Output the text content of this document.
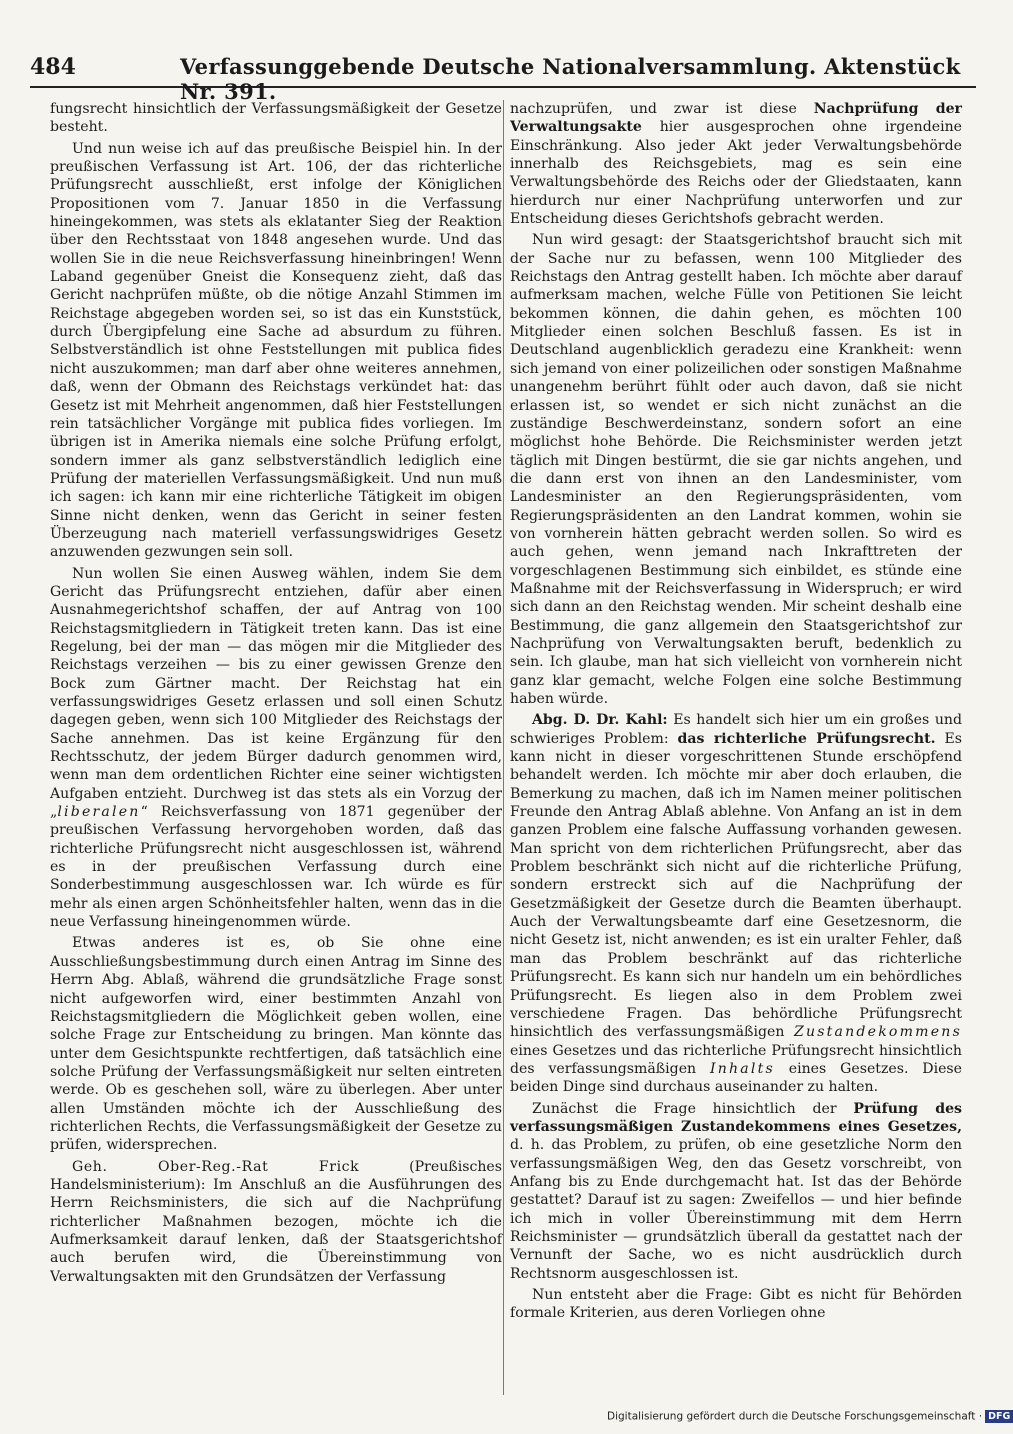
484	Verfassunggebende Deutsche Nationalversammlung. Aktenstück Nr. 391.

fungsrecht hinsichtlich der Verfassungsmäßigkeit der Gesetze besteht.

Und nun weise ich auf das preußische Beispiel hin. In der preußischen Verfassung ist Art. 106, der das richterliche Prüfungsrecht ausschließt, erst infolge der Königlichen Propositionen vom 7. Januar 1850 in die Verfassung hineingekommen, was stets als eklatanter Sieg der Reaktion über den Rechtsstaat von 1848 angesehen wurde. Und das wollen Sie in die neue Reichsverfassung hineinbringen! Wenn Laband gegenüber Gneist die Konsequenz zieht, daß das Gericht nachprüfen müßte, ob die nötige Anzahl Stimmen im Reichstage abgegeben worden sei, so ist das ein Kunststück, durch Übergipfelung eine Sache ad absurdum zu führen. Selbstverständlich ist ohne Feststellungen mit publica fides nicht auszukommen; man darf aber ohne weiteres annehmen, daß, wenn der Obmann des Reichstags verkündet hat: das Gesetz ist mit Mehrheit angenommen, daß hier Feststellungen rein tatsächlicher Vorgänge mit publica fides vorliegen. Im übrigen ist in Amerika niemals eine solche Prüfung erfolgt, sondern immer als ganz selbstverständlich lediglich eine Prüfung der materiellen Verfassungsmäßigkeit. Und nun muß ich sagen: ich kann mir eine richterliche Tätigkeit im obigen Sinne nicht denken, wenn das Gericht in seiner festen Überzeugung nach materiell verfassungswidriges Gesetz anzuwenden gezwungen sein soll.

Nun wollen Sie einen Ausweg wählen, indem Sie dem Gericht das Prüfungsrecht entziehen, dafür aber einen Ausnahmegerichtshof schaffen, der auf Antrag von 100 Reichstagsmitgliedern in Tätigkeit treten kann. Das ist eine Regelung, bei der man — das mögen mir die Mitglieder des Reichstags verzeihen — bis zu einer gewissen Grenze den Bock zum Gärtner macht. Der Reichstag hat ein verfassungswidriges Gesetz erlassen und soll einen Schutz dagegen geben, wenn sich 100 Mitglieder des Reichstags der Sache annehmen. Das ist keine Ergänzung für den Rechtsschutz, der jedem Bürger dadurch genommen wird, wenn man dem ordentlichen Richter eine seiner wichtigsten Aufgaben entzieht. Durchweg ist das stets als ein Vorzug der „liberalen“ Reichsverfassung von 1871 gegenüber der preußischen Verfassung hervorgehoben worden, daß das richterliche Prüfungsrecht nicht ausgeschlossen ist, während es in der preußischen Verfassung durch eine Sonderbestimmung ausgeschlossen war. Ich würde es für mehr als einen argen Schönheitsfehler halten, wenn das in die neue Verfassung hineingenommen würde.

Etwas anderes ist es, ob Sie ohne eine Ausschließungsbestimmung durch einen Antrag im Sinne des Herrn Abg. Ablaß, während die grundsätzliche Frage sonst nicht aufgeworfen wird, einer bestimmten Anzahl von Reichstagsmitgliedern die Möglichkeit geben wollen, eine solche Frage zur Entscheidung zu bringen. Man könnte das unter dem Gesichtspunkte rechtfertigen, daß tatsächlich eine solche Prüfung der Verfassungsmäßigkeit nur selten eintreten werde. Ob es geschehen soll, wäre zu überlegen. Aber unter allen Umständen möchte ich der Ausschließung des richterlichen Rechts, die Verfassungsmäßigkeit der Gesetze zu prüfen, widersprechen.

Geh. Ober-Reg.-Rat Frick (Preußisches Handelsministerium): Im Anschluß an die Ausführungen des Herrn Reichsministers, die sich auf die Nachprüfung richterlicher Maßnahmen bezogen, möchte ich die Aufmerksamkeit darauf lenken, daß der Staatsgerichtshof auch berufen wird, die Übereinstimmung von Verwaltungsakten mit den Grundsätzen der Verfassung

nachzuprüfen, und zwar ist diese Nachprüfung der Verwaltungsakte hier ausgesprochen ohne irgendeine Einschränkung. Also jeder Akt jeder Verwaltungsbehörde innerhalb des Reichsgebiets, mag es sein eine Verwaltungsbehörde des Reichs oder der Gliedstaaten, kann hierdurch nur einer Nachprüfung unterworfen und zur Entscheidung dieses Gerichtshofs gebracht werden.

Nun wird gesagt: der Staatsgerichtshof braucht sich mit der Sache nur zu befassen, wenn 100 Mitglieder des Reichstags den Antrag gestellt haben. Ich möchte aber darauf aufmerksam machen, welche Fülle von Petitionen Sie leicht bekommen können, die dahin gehen, es möchten 100 Mitglieder einen solchen Beschluß fassen. Es ist in Deutschland augenblicklich geradezu eine Krankheit: wenn sich jemand von einer polizeilichen oder sonstigen Maßnahme unangenehm berührt fühlt oder auch davon, daß sie nicht erlassen ist, so wendet er sich nicht zunächst an die zuständige Beschwerdeinstanz, sondern sofort an eine möglichst hohe Behörde. Die Reichsminister werden jetzt täglich mit Dingen bestürmt, die sie gar nichts angehen, und die dann erst von ihnen an den Landesminister, vom Landesminister an den Regierungspräsidenten, vom Regierungspräsidenten an den Landrat kommen, wohin sie von vornherein hätten gebracht werden sollen. So wird es auch gehen, wenn jemand nach Inkrafttreten der vorgeschlagenen Bestimmung sich einbildet, es stünde eine Maßnahme mit der Reichsverfassung in Widerspruch; er wird sich dann an den Reichstag wenden. Mir scheint deshalb eine Bestimmung, die ganz allgemein den Staatsgerichtshof zur Nachprüfung von Verwaltungsakten beruft, bedenklich zu sein. Ich glaube, man hat sich vielleicht von vornherein nicht ganz klar gemacht, welche Folgen eine solche Bestimmung haben würde.

Abg. D. Dr. Kahl: Es handelt sich hier um ein großes und schwieriges Problem: das richterliche Prüfungsrecht. Es kann nicht in dieser vorgeschrittenen Stunde erschöpfend behandelt werden. Ich möchte mir aber doch erlauben, die Bemerkung zu machen, daß ich im Namen meiner politischen Freunde den Antrag Ablaß ablehne. Von Anfang an ist in dem ganzen Problem eine falsche Auffassung vorhanden gewesen. Man spricht von dem richterlichen Prüfungsrecht, aber das Problem beschränkt sich nicht auf die richterliche Prüfung, sondern erstreckt sich auf die Nachprüfung der Gesetzmäßigkeit der Gesetze durch die Beamten überhaupt. Auch der Verwaltungsbeamte darf eine Gesetzesnorm, die nicht Gesetz ist, nicht anwenden; es ist ein uralter Fehler, daß man das Problem beschränkt auf das richterliche Prüfungsrecht. Es kann sich nur handeln um ein behördliches Prüfungsrecht. Es liegen also in dem Problem zwei verschiedene Fragen. Das behördliche Prüfungsrecht hinsichtlich des verfassungsmäßigen Zustandekommens eines Gesetzes und das richterliche Prüfungsrecht hinsichtlich des verfassungsmäßigen Inhalts eines Gesetzes. Diese beiden Dinge sind durchaus auseinander zu halten.

Zunächst die Frage hinsichtlich der Prüfung des verfassungsmäßigen Zustandekommens eines Gesetzes, d. h. das Problem, zu prüfen, ob eine gesetzliche Norm den verfassungsmäßigen Weg, den das Gesetz vorschreibt, von Anfang bis zu Ende durchgemacht hat. Ist das der Behörde gestattet? Darauf ist zu sagen: Zweifellos — und hier befinde ich mich in voller Übereinstimmung mit dem Herrn Reichsminister — grundsätzlich überall da gestattet nach der Vernunft der Sache, wo es nicht ausdrücklich durch Rechtsnorm ausgeschlossen ist.

Nun entsteht aber die Frage: Gibt es nicht für Behörden formale Kriterien, aus deren Vorliegen ohne

Digitalisierung gefördert durch die Deutsche Forschungsgemeinschaft · DFG
